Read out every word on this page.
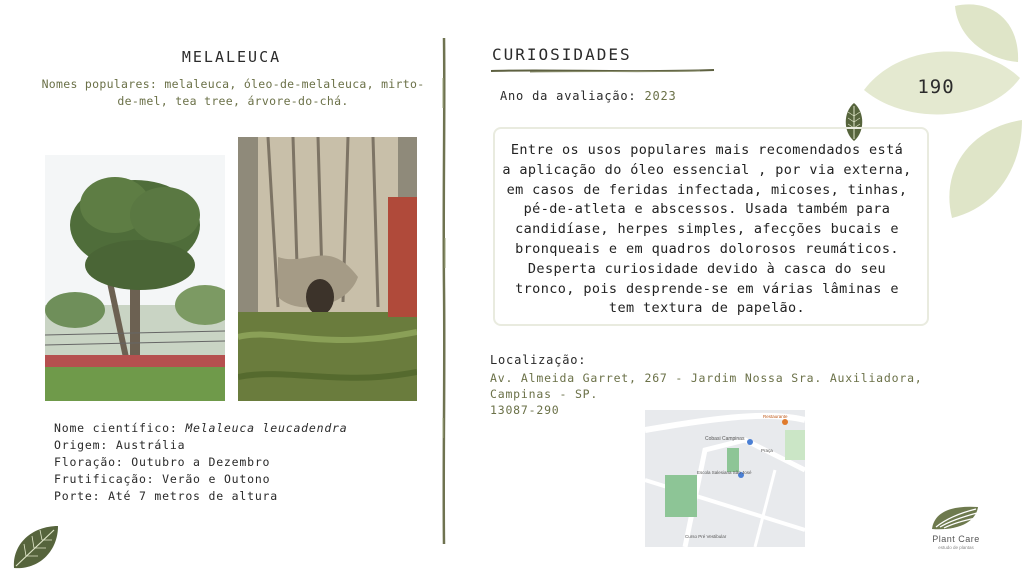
MELALEUCA
Nomes populares: melaleuca, óleo-de-melaleuca, mirto-de-mel, tea tree, árvore-do-chá.
Nome científico: Melaleuca leucadendra
Origem: Austrália
Floração: Outubro a Dezembro
Frutificação: Verão e Outono
Porte: Até 7 metros de altura
CURIOSIDADES
Ano da avaliação: 2023	190
Entre os usos populares mais recomendados está
a aplicação do óleo essencial , por via externa,
em casos de feridas infectada, micoses, tinhas,
pé-de-atleta e abscessos. Usada também para
candidíase, herpes simples, afecções bucais e
bronqueais e em quadros dolorosos reumáticos.
Desperta curiosidade devido à casca do seu
tronco, pois desprende-se em várias lâminas e
tem textura de papelão.
Localização:
Av. Almeida Garret, 267 - Jardim Nossa Sra. Auxiliadora, Campinas - SP.
13087-290
Cobasi Campinas
Escola Salesiana São José
Curso Pré Vestibular
Praça
Restaurante
Plant Care
estudo de plantas
